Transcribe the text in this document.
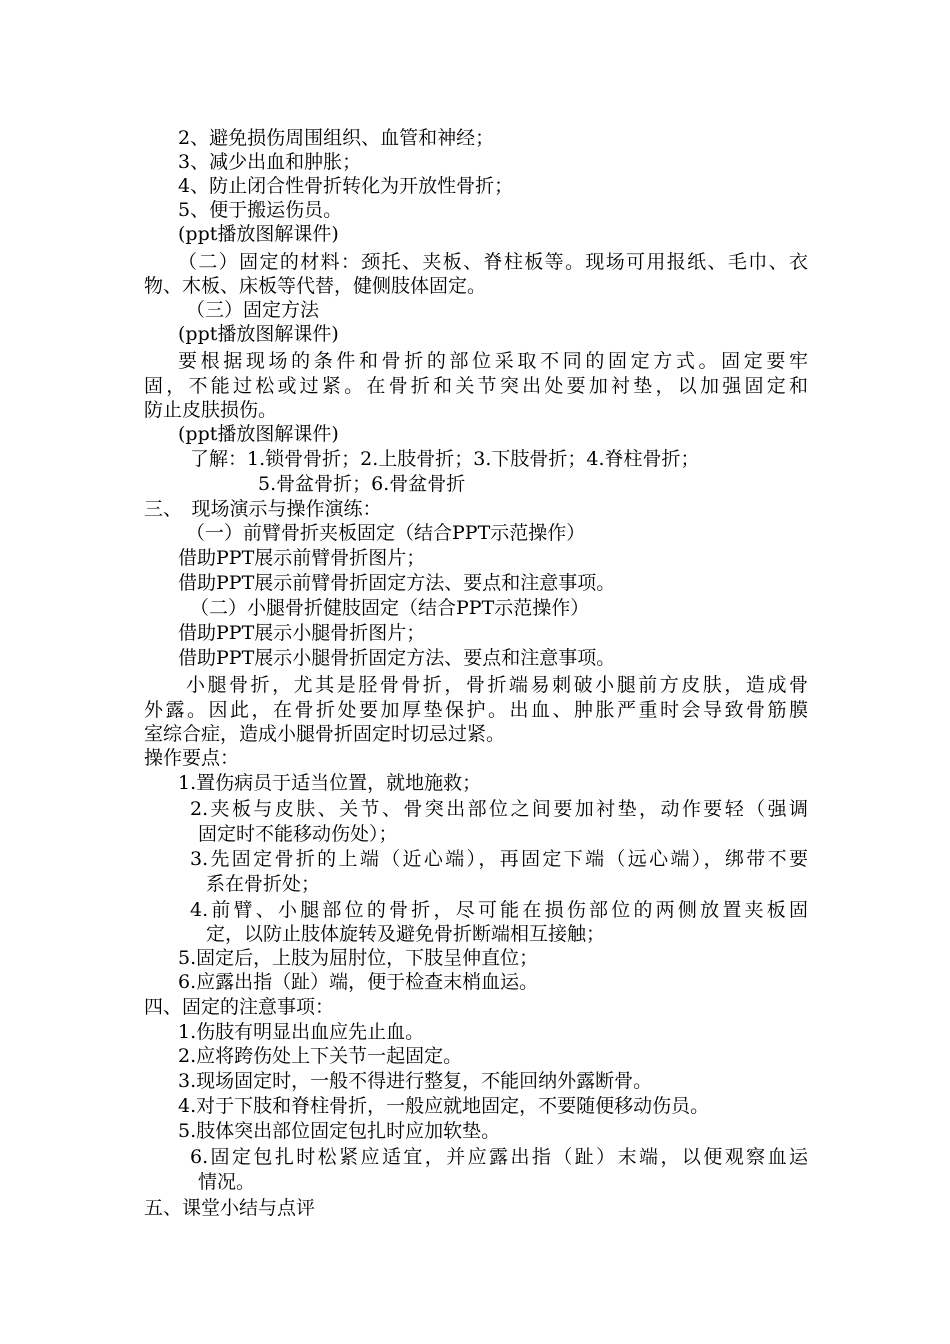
2、避免损伤周围组织、血管和神经；
3、减少出血和肿胀；
4、防止闭合性骨折转化为开放性骨折；
5、便于搬运伤员。
(ppt播放图解课件)
（二）固定的材料：颈托、夹板、脊柱板等。现场可用报纸、毛巾、衣
物、木板、床板等代替，健侧肢体固定。
（三）固定方法
(ppt播放图解课件)
要根据现场的条件和骨折的部位采取不同的固定方式。固定要牢
固，不能过松或过紧。在骨折和关节突出处要加衬垫，以加强固定和
防止皮肤损伤。
(ppt播放图解课件)
了解：1.锁骨骨折；2.上肢骨折；3.下肢骨折；4.脊柱骨折；
5.骨盆骨折；6.骨盆骨折
三、　现场演示与操作演练：
（一）前臂骨折夹板固定（结合PPT示范操作）
借助PPT展示前臂骨折图片；
借助PPT展示前臂骨折固定方法、要点和注意事项。
（二）小腿骨折健肢固定（结合PPT示范操作）
借助PPT展示小腿骨折图片；
借助PPT展示小腿骨折固定方法、要点和注意事项。
小腿骨折，尤其是胫骨骨折，骨折端易刺破小腿前方皮肤，造成骨
外露。因此，在骨折处要加厚垫保护。出血、肿胀严重时会导致骨筋膜
室综合症，造成小腿骨折固定时切忌过紧。
操作要点：
1.置伤病员于适当位置，就地施救；
2.夹板与皮肤、关节、骨突出部位之间要加衬垫，动作要轻（强调
固定时不能移动伤处）；
3.先固定骨折的上端（近心端），再固定下端（远心端），绑带不要
系在骨折处；
4.前臂、小腿部位的骨折，尽可能在损伤部位的两侧放置夹板固
定，以防止肢体旋转及避免骨折断端相互接触；
5.固定后，上肢为屈肘位，下肢呈伸直位；
6.应露出指（趾）端，便于检查末梢血运。
四、固定的注意事项：
1.伤肢有明显出血应先止血。
2.应将跨伤处上下关节一起固定。
3.现场固定时，一般不得进行整复，不能回纳外露断骨。
4.对于下肢和脊柱骨折，一般应就地固定，不要随便移动伤员。
5.肢体突出部位固定包扎时应加软垫。
6.固定包扎时松紧应适宜，并应露出指（趾）末端，以便观察血运
情况。
五、课堂小结与点评
